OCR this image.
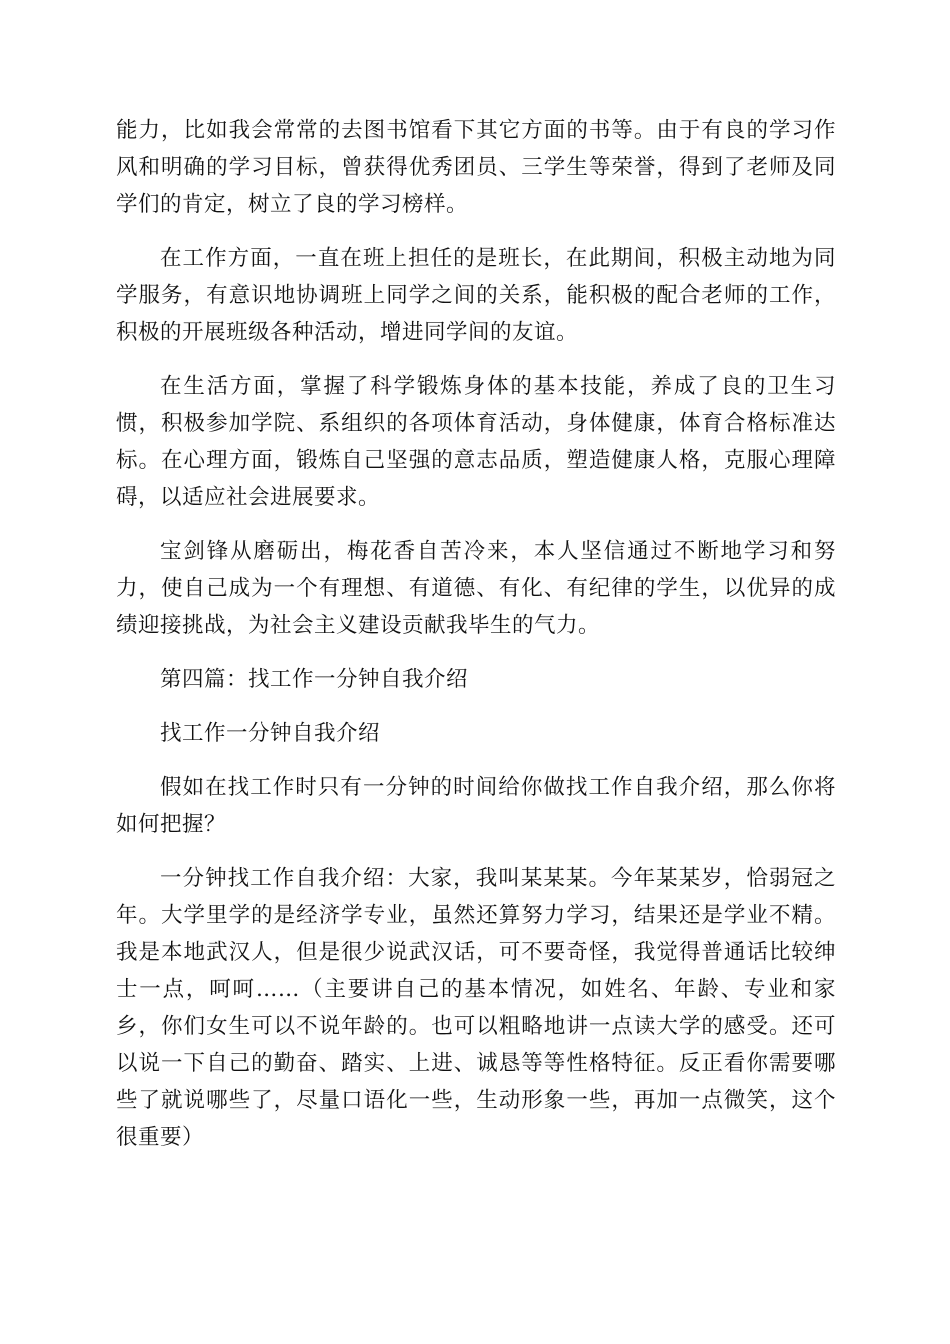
能力，比如我会常常的去图书馆看下其它方面的书等。由于有良的学习作风和明确的学习目标，曾获得优秀团员、三学生等荣誉，得到了老师及同学们的肯定，树立了良的学习榜样。

在工作方面，一直在班上担任的是班长，在此期间，积极主动地为同学服务，有意识地协调班上同学之间的关系，能积极的配合老师的工作，积极的开展班级各种活动，增进同学间的友谊。

在生活方面，掌握了科学锻炼身体的基本技能，养成了良的卫生习惯，积极参加学院、系组织的各项体育活动，身体健康，体育合格标准达标。在心理方面，锻炼自己坚强的意志品质，塑造健康人格，克服心理障碍，以适应社会进展要求。

宝剑锋从磨砺出，梅花香自苦冷来，本人坚信通过不断地学习和努力，使自己成为一个有理想、有道德、有化、有纪律的学生，以优异的成绩迎接挑战，为社会主义建设贡献我毕生的气力。

第四篇：找工作一分钟自我介绍

找工作一分钟自我介绍

假如在找工作时只有一分钟的时间给你做找工作自我介绍，那么你将如何把握？

一分钟找工作自我介绍：大家，我叫某某某。今年某某岁，恰弱冠之年。大学里学的是经济学专业，虽然还算努力学习，结果还是学业不精。我是本地武汉人，但是很少说武汉话，可不要奇怪，我觉得普通话比较绅士一点，呵呵……（主要讲自己的基本情况，如姓名、年龄、专业和家乡，你们女生可以不说年龄的。也可以粗略地讲一点读大学的感受。还可以说一下自己的勤奋、踏实、上进、诚恳等等性格特征。反正看你需要哪些了就说哪些了，尽量口语化一些，生动形象一些，再加一点微笑，这个很重要）
